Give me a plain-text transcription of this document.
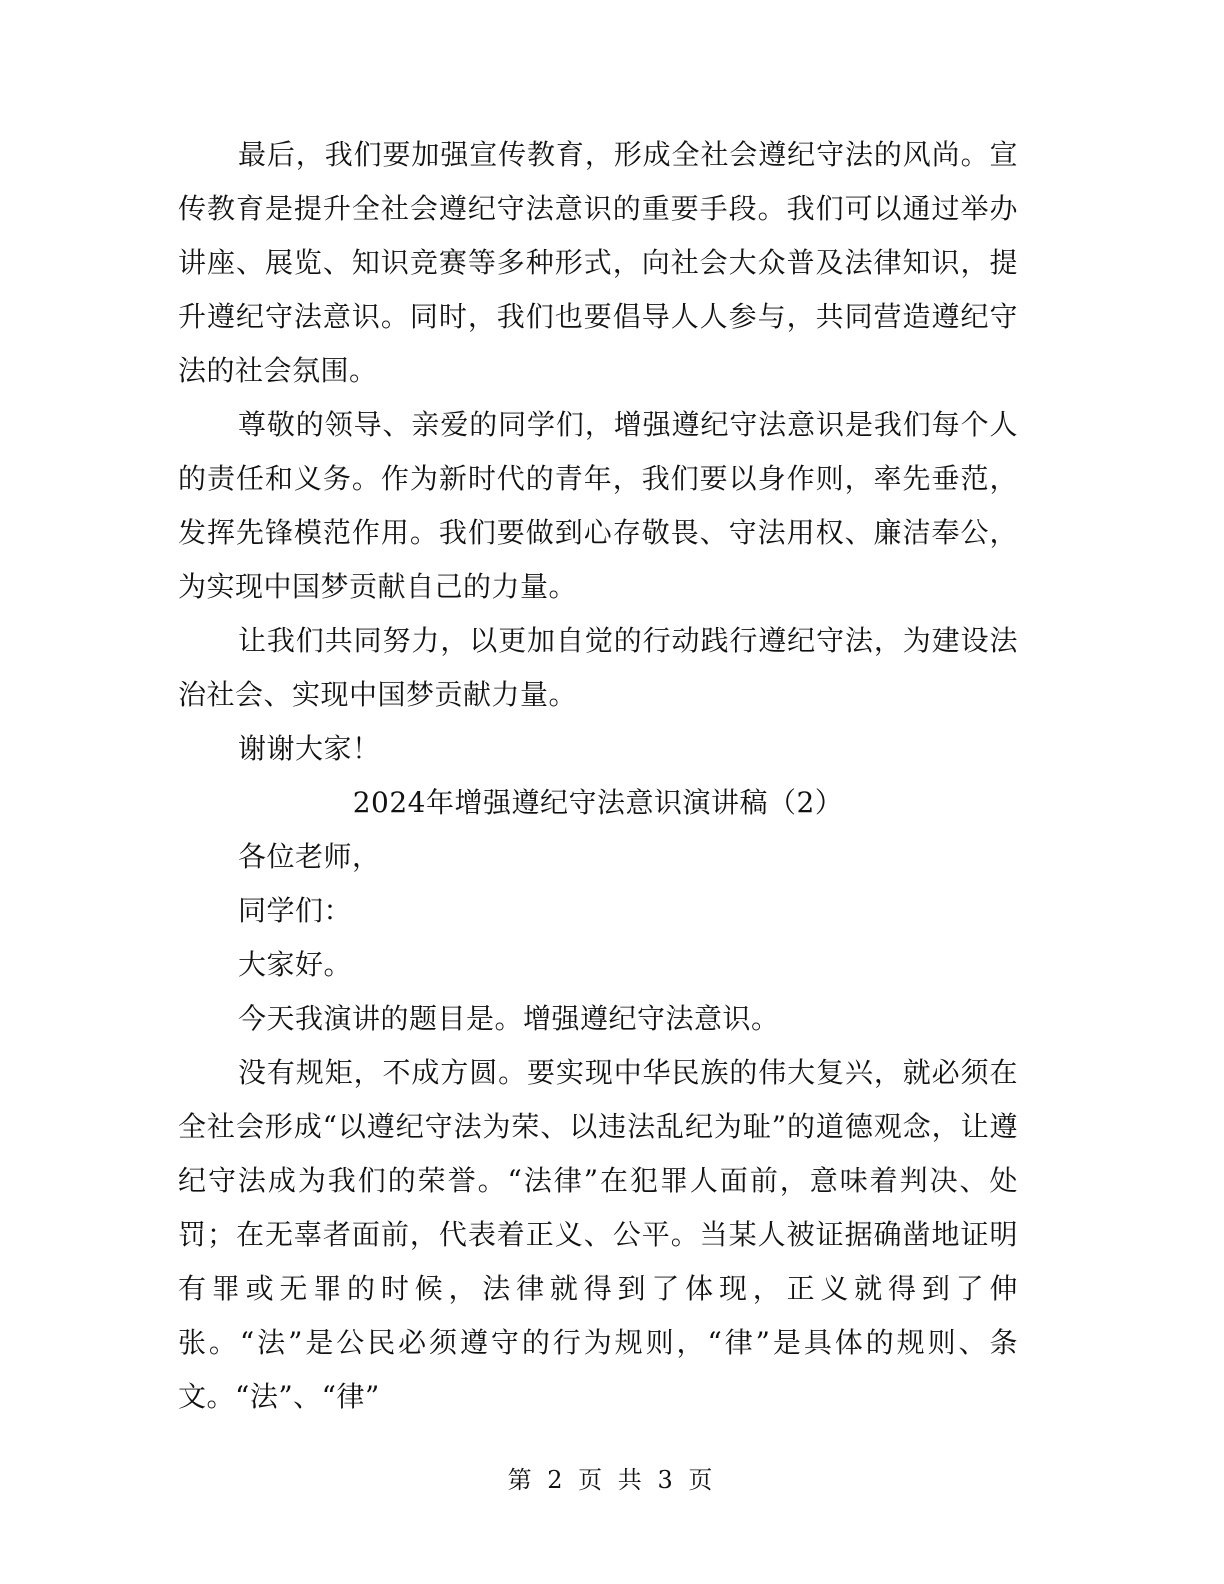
最后，我们要加强宣传教育，形成全社会遵纪守法的风尚。宣传教育是提升全社会遵纪守法意识的重要手段。我们可以通过举办讲座、展览、知识竞赛等多种形式，向社会大众普及法律知识，提升遵纪守法意识。同时，我们也要倡导人人参与，共同营造遵纪守法的社会氛围。

尊敬的领导、亲爱的同学们，增强遵纪守法意识是我们每个人的责任和义务。作为新时代的青年，我们要以身作则，率先垂范，发挥先锋模范作用。我们要做到心存敬畏、守法用权、廉洁奉公，为实现中国梦贡献自己的力量。

让我们共同努力，以更加自觉的行动践行遵纪守法，为建设法治社会、实现中国梦贡献力量。

谢谢大家！

2024年增强遵纪守法意识演讲稿（2）

各位老师，

同学们：

大家好。

今天我演讲的题目是。增强遵纪守法意识。

没有规矩，不成方圆。要实现中华民族的伟大复兴，就必须在全社会形成“以遵纪守法为荣、以违法乱纪为耻”的道德观念，让遵纪守法成为我们的荣誉。“法律”在犯罪人面前，意味着判决、处罚；在无辜者面前，代表着正义、公平。当某人被证据确凿地证明有罪或无罪的时候，法律就得到了体现，正义就得到了伸张。“法”是公民必须遵守的行为规则，“律”是具体的规则、条文。“法”、“律”

第 2 页 共 3 页
